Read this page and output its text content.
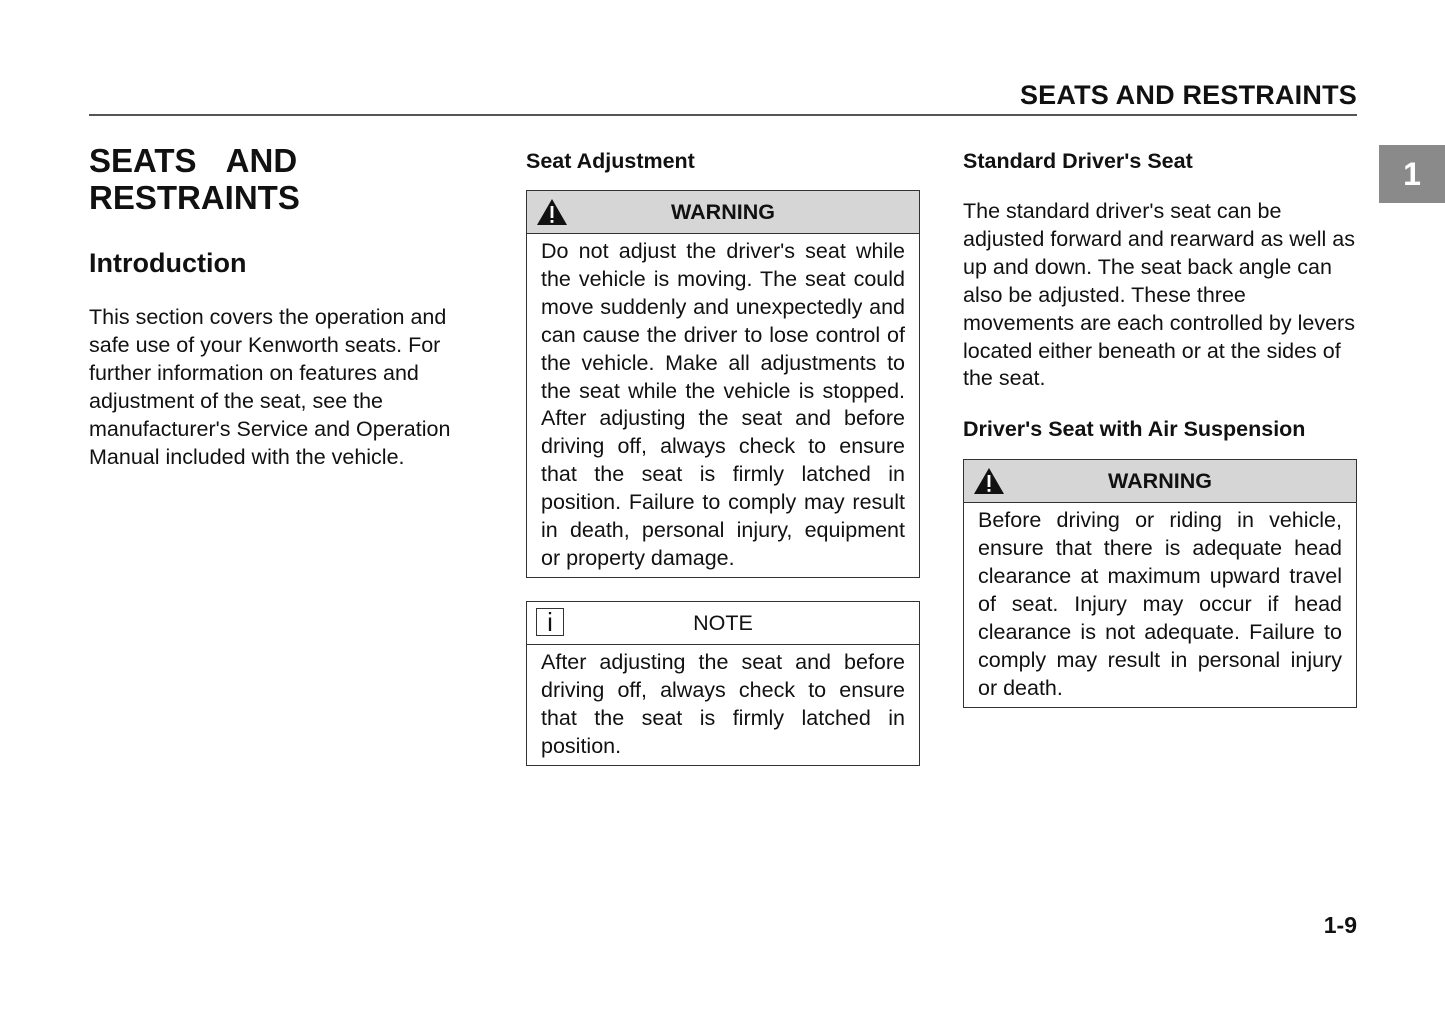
SEATS AND RESTRAINTS
1
SEATS  AND
RESTRAINTS
Introduction

This section covers the operation and safe use of your Kenworth seats. For further information on features and adjustment of the seat, see the manufacturer's Service and Operation Manual included with the vehicle.

Seat Adjustment
WARNING
Do not adjust the driver's seat while the vehicle is moving. The seat could move suddenly and unexpectedly and can cause the driver to lose control of the vehicle. Make all adjustments to the seat while the vehicle is stopped. After adjusting the seat and before driving off, always check to ensure that the seat is firmly latched in position. Failure to comply may result in death, personal injury, equipment or property damage.
i	NOTE
After adjusting the seat and before driving off, always check to ensure that the seat is firmly latched in position.
Standard Driver's Seat

The standard driver's seat can be adjusted forward and rearward as well as up and down. The seat back angle can also be adjusted. These three movements are each controlled by levers located either beneath or at the sides of the seat.

Driver's Seat with Air Suspension
WARNING
Before driving or riding in vehicle, ensure that there is adequate head clearance at maximum upward travel of seat. Injury may occur if head clearance is not adequate. Failure to comply may result in personal injury or death.
1-9
